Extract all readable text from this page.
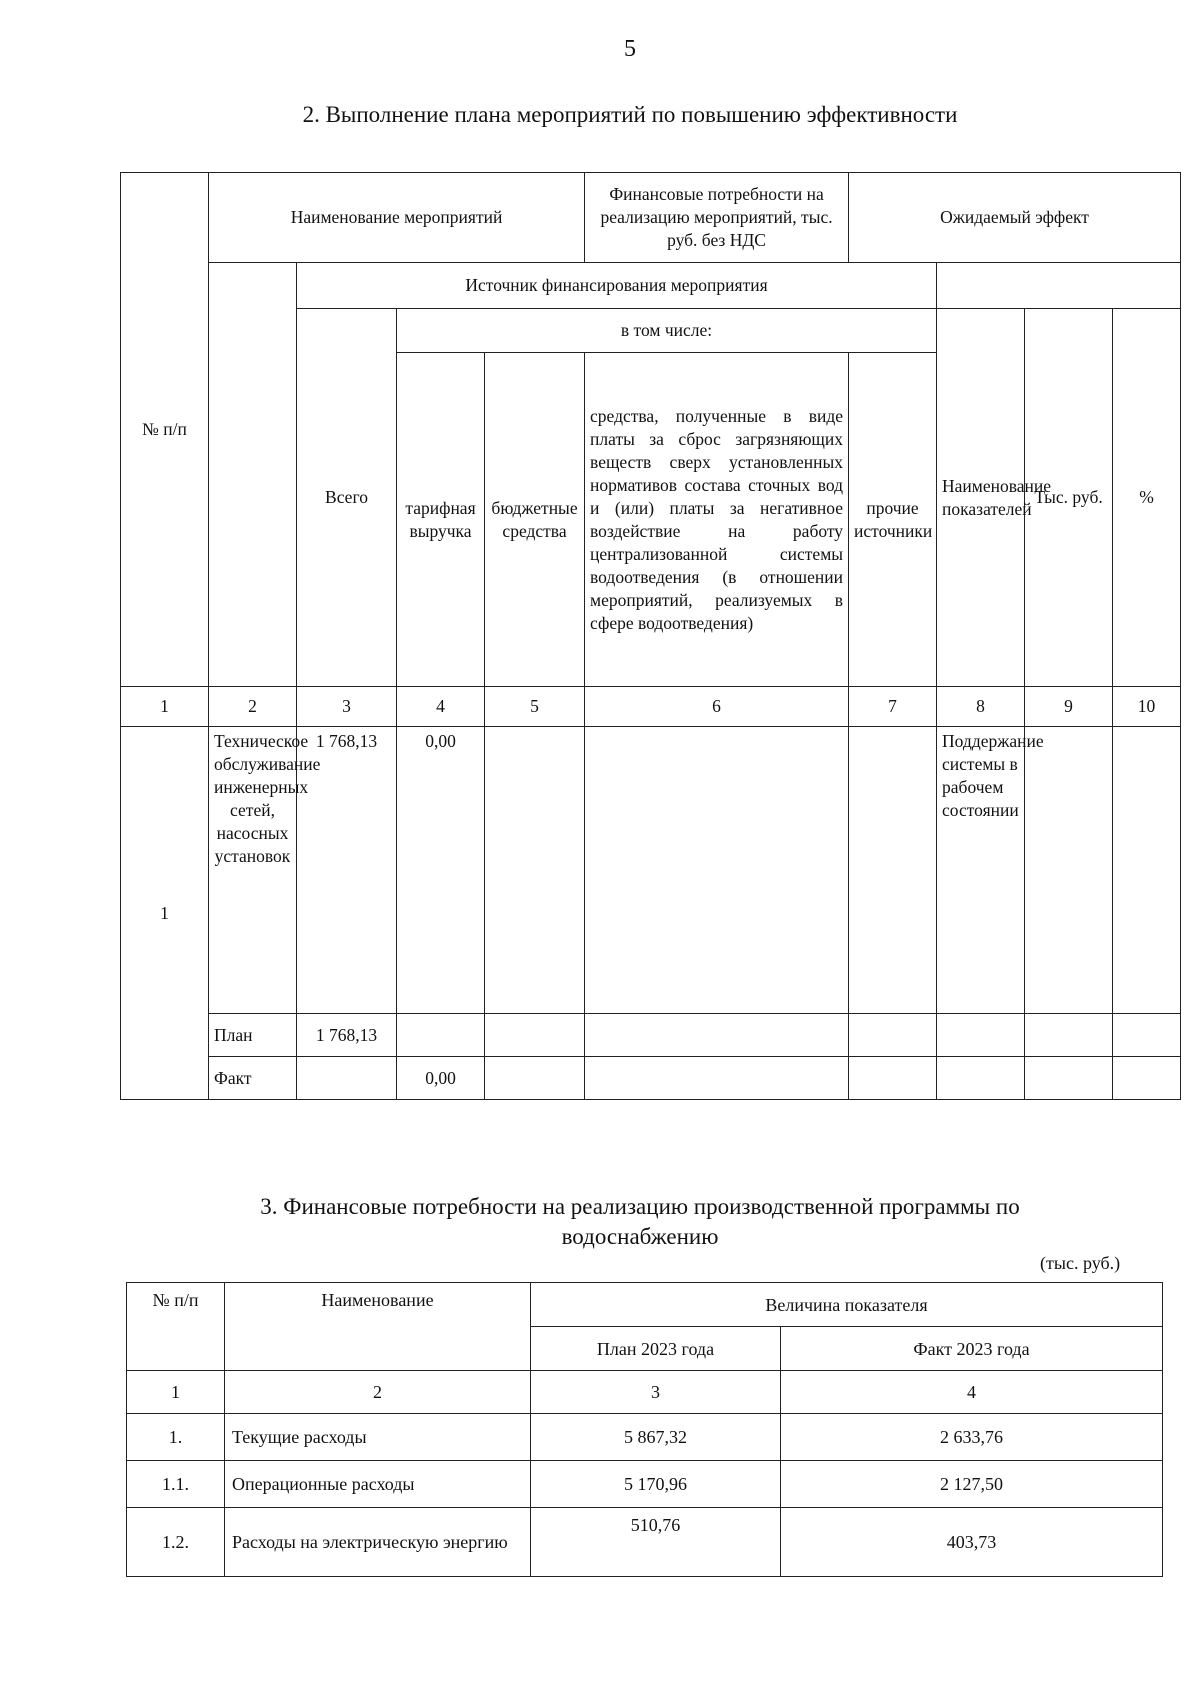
5
2. Выполнение плана мероприятий по повышению эффективности
№ п/п	Наименование мероприятий				Финансовые потребности на реализацию мероприятий, тыс. руб. без НДС	Ожидаемый эффект			
		Источник финансирования мероприятия							
		Всего	в том числе:				Наименование показателей	Тыс. руб.	%
			тарифная выручка	бюджетные средства	средства, полученные в виде платы за сброс загрязняющих веществ сверх установленных нормативов состава сточных вод и (или) платы за негативное воздействие на работу централизованной системы водоотведения (в отношении мероприятий, реализуемых в сфере водоотведения)	прочие источники			
1	2	3	4	5	6	7	8	9	10
1	Техническое обслуживание инженерных сетей, насосных установок	1 768,13	0,00				Поддержание системы в рабочем состоянии		
	План	1 768,13							
	Факт		0,00						
3. Финансовые потребности на реализацию производственной программы по водоснабжению
(тыс. руб.)
№ п/п	Наименование	Величина показателя	
		План 2023 года	Факт 2023 года
1	2	3	4
1.	Текущие расходы	5 867,32	2 633,76
1.1.	Операционные расходы	5 170,96	2 127,50
1.2.	Расходы на электрическую энергию	510,76	403,73
